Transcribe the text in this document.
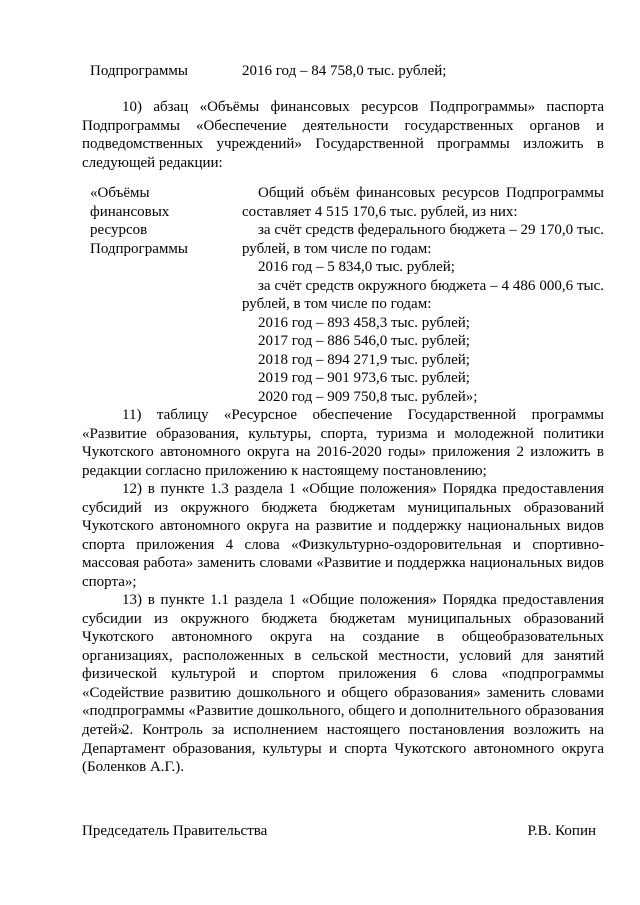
Подпрограммы	2016 год – 84 758,0 тыс. рублей;

10) абзац «Объёмы финансовых ресурсов Подпрограммы» паспорта Подпрограммы «Обеспечение деятельности государственных органов и подведомственных учреждений» Государственной программы изложить в следующей редакции:

«Объёмы
финансовых
ресурсов
Подпрограммы
Общий объём финансовых ресурсов Подпрограммы
составляет 4 515 170,6 тыс. рублей, из них:
за счёт средств федерального бюджета – 29 170,0 тыс.
рублей, в том числе по годам:
2016 год – 5 834,0 тыс. рублей;
за счёт средств окружного бюджета – 4 486 000,6 тыс.
рублей, в том числе по годам:
2016 год – 893 458,3 тыс. рублей;
2017 год – 886 546,0 тыс. рублей;
2018 год – 894 271,9 тыс. рублей;
2019 год – 901 973,6 тыс. рублей;
2020 год – 909 750,8 тыс. рублей»;

11) таблицу «Ресурсное обеспечение Государственной программы «Развитие образования, культуры, спорта, туризма и молодежной политики Чукотского автономного округа на 2016-2020 годы» приложения 2 изложить в редакции согласно приложению к настоящему постановлению;

12) в пункте 1.3 раздела 1 «Общие положения» Порядка предоставления субсидий из окружного бюджета бюджетам муниципальных образований Чукотского автономного округа на развитие и поддержку национальных видов спорта приложения 4 слова «Физкультурно-оздоровительная и спортивно-массовая работа» заменить словами «Развитие и поддержка национальных видов спорта»;

13) в пункте 1.1 раздела 1 «Общие положения» Порядка предоставления субсидии из окружного бюджета бюджетам муниципальных образований Чукотского автономного округа на создание в общеобразовательных организациях, расположенных в сельской местности, условий для занятий физической культурой и спортом приложения 6 слова «подпрограммы «Содействие развитию дошкольного и общего образования» заменить словами «подпрограммы «Развитие дошкольного, общего и дополнительного образования детей».

2. Контроль за исполнением настоящего постановления возложить на Департамент образования, культуры и спорта Чукотского автономного округа (Боленков А.Г.).

Председатель Правительства	Р.В. Копин
